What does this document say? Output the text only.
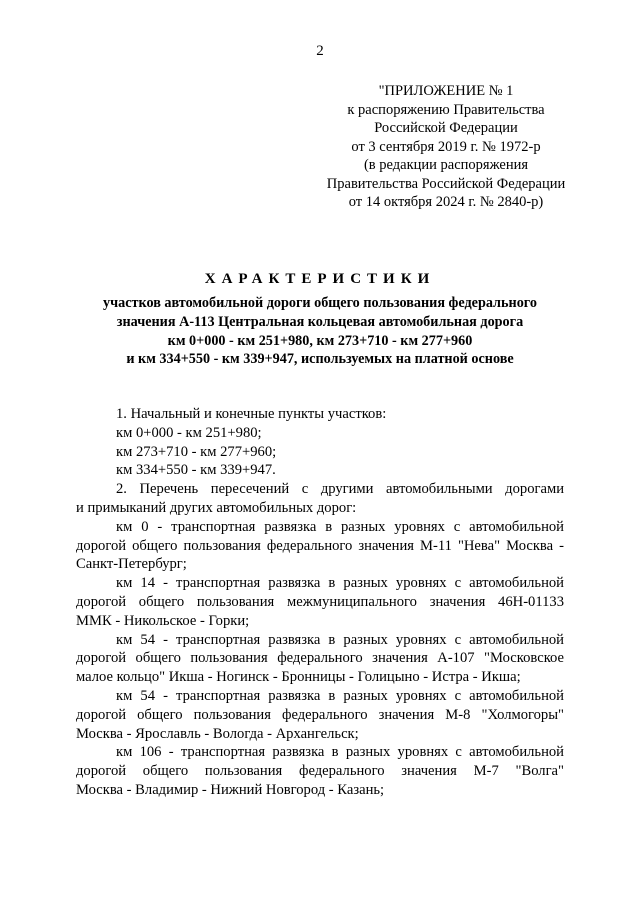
2
"ПРИЛОЖЕНИЕ № 1
к распоряжению Правительства
Российской Федерации
от 3 сентября 2019 г. № 1972-р
(в редакции распоряжения
Правительства Российской Федерации
от 14 октября 2024 г. № 2840-р)
ХАРАКТЕРИСТИКИ
участков автомобильной дороги общего пользования федерального
значения А-113 Центральная кольцевая автомобильная дорога
км 0+000 - км 251+980, км 273+710 - км 277+960
и км 334+550 - км 339+947, используемых на платной основе
1. Начальный и конечные пункты участков:
км 0+000 - км 251+980;
км 273+710 - км 277+960;
км 334+550 - км 339+947.
2. Перечень пересечений с другими автомобильными дорогами
и примыканий других автомобильных дорог:
км 0 - транспортная развязка в разных уровнях с автомобильной
дорогой общего пользования федерального значения М-11 "Нева" Москва -
Санкт-Петербург;
км 14 - транспортная развязка в разных уровнях с автомобильной
дорогой общего пользования межмуниципального значения 46Н-01133
ММК - Никольское - Горки;
км 54 - транспортная развязка в разных уровнях с автомобильной
дорогой общего пользования федерального значения А-107 "Московское
малое кольцо" Икша - Ногинск - Бронницы - Голицыно - Истра - Икша;
км 54 - транспортная развязка в разных уровнях с автомобильной
дорогой общего пользования федерального значения М-8 "Холмогоры"
Москва - Ярославль - Вологда - Архангельск;
км 106 - транспортная развязка в разных уровнях с автомобильной
дорогой общего пользования федерального значения М-7 "Волга"
Москва - Владимир - Нижний Новгород - Казань;
